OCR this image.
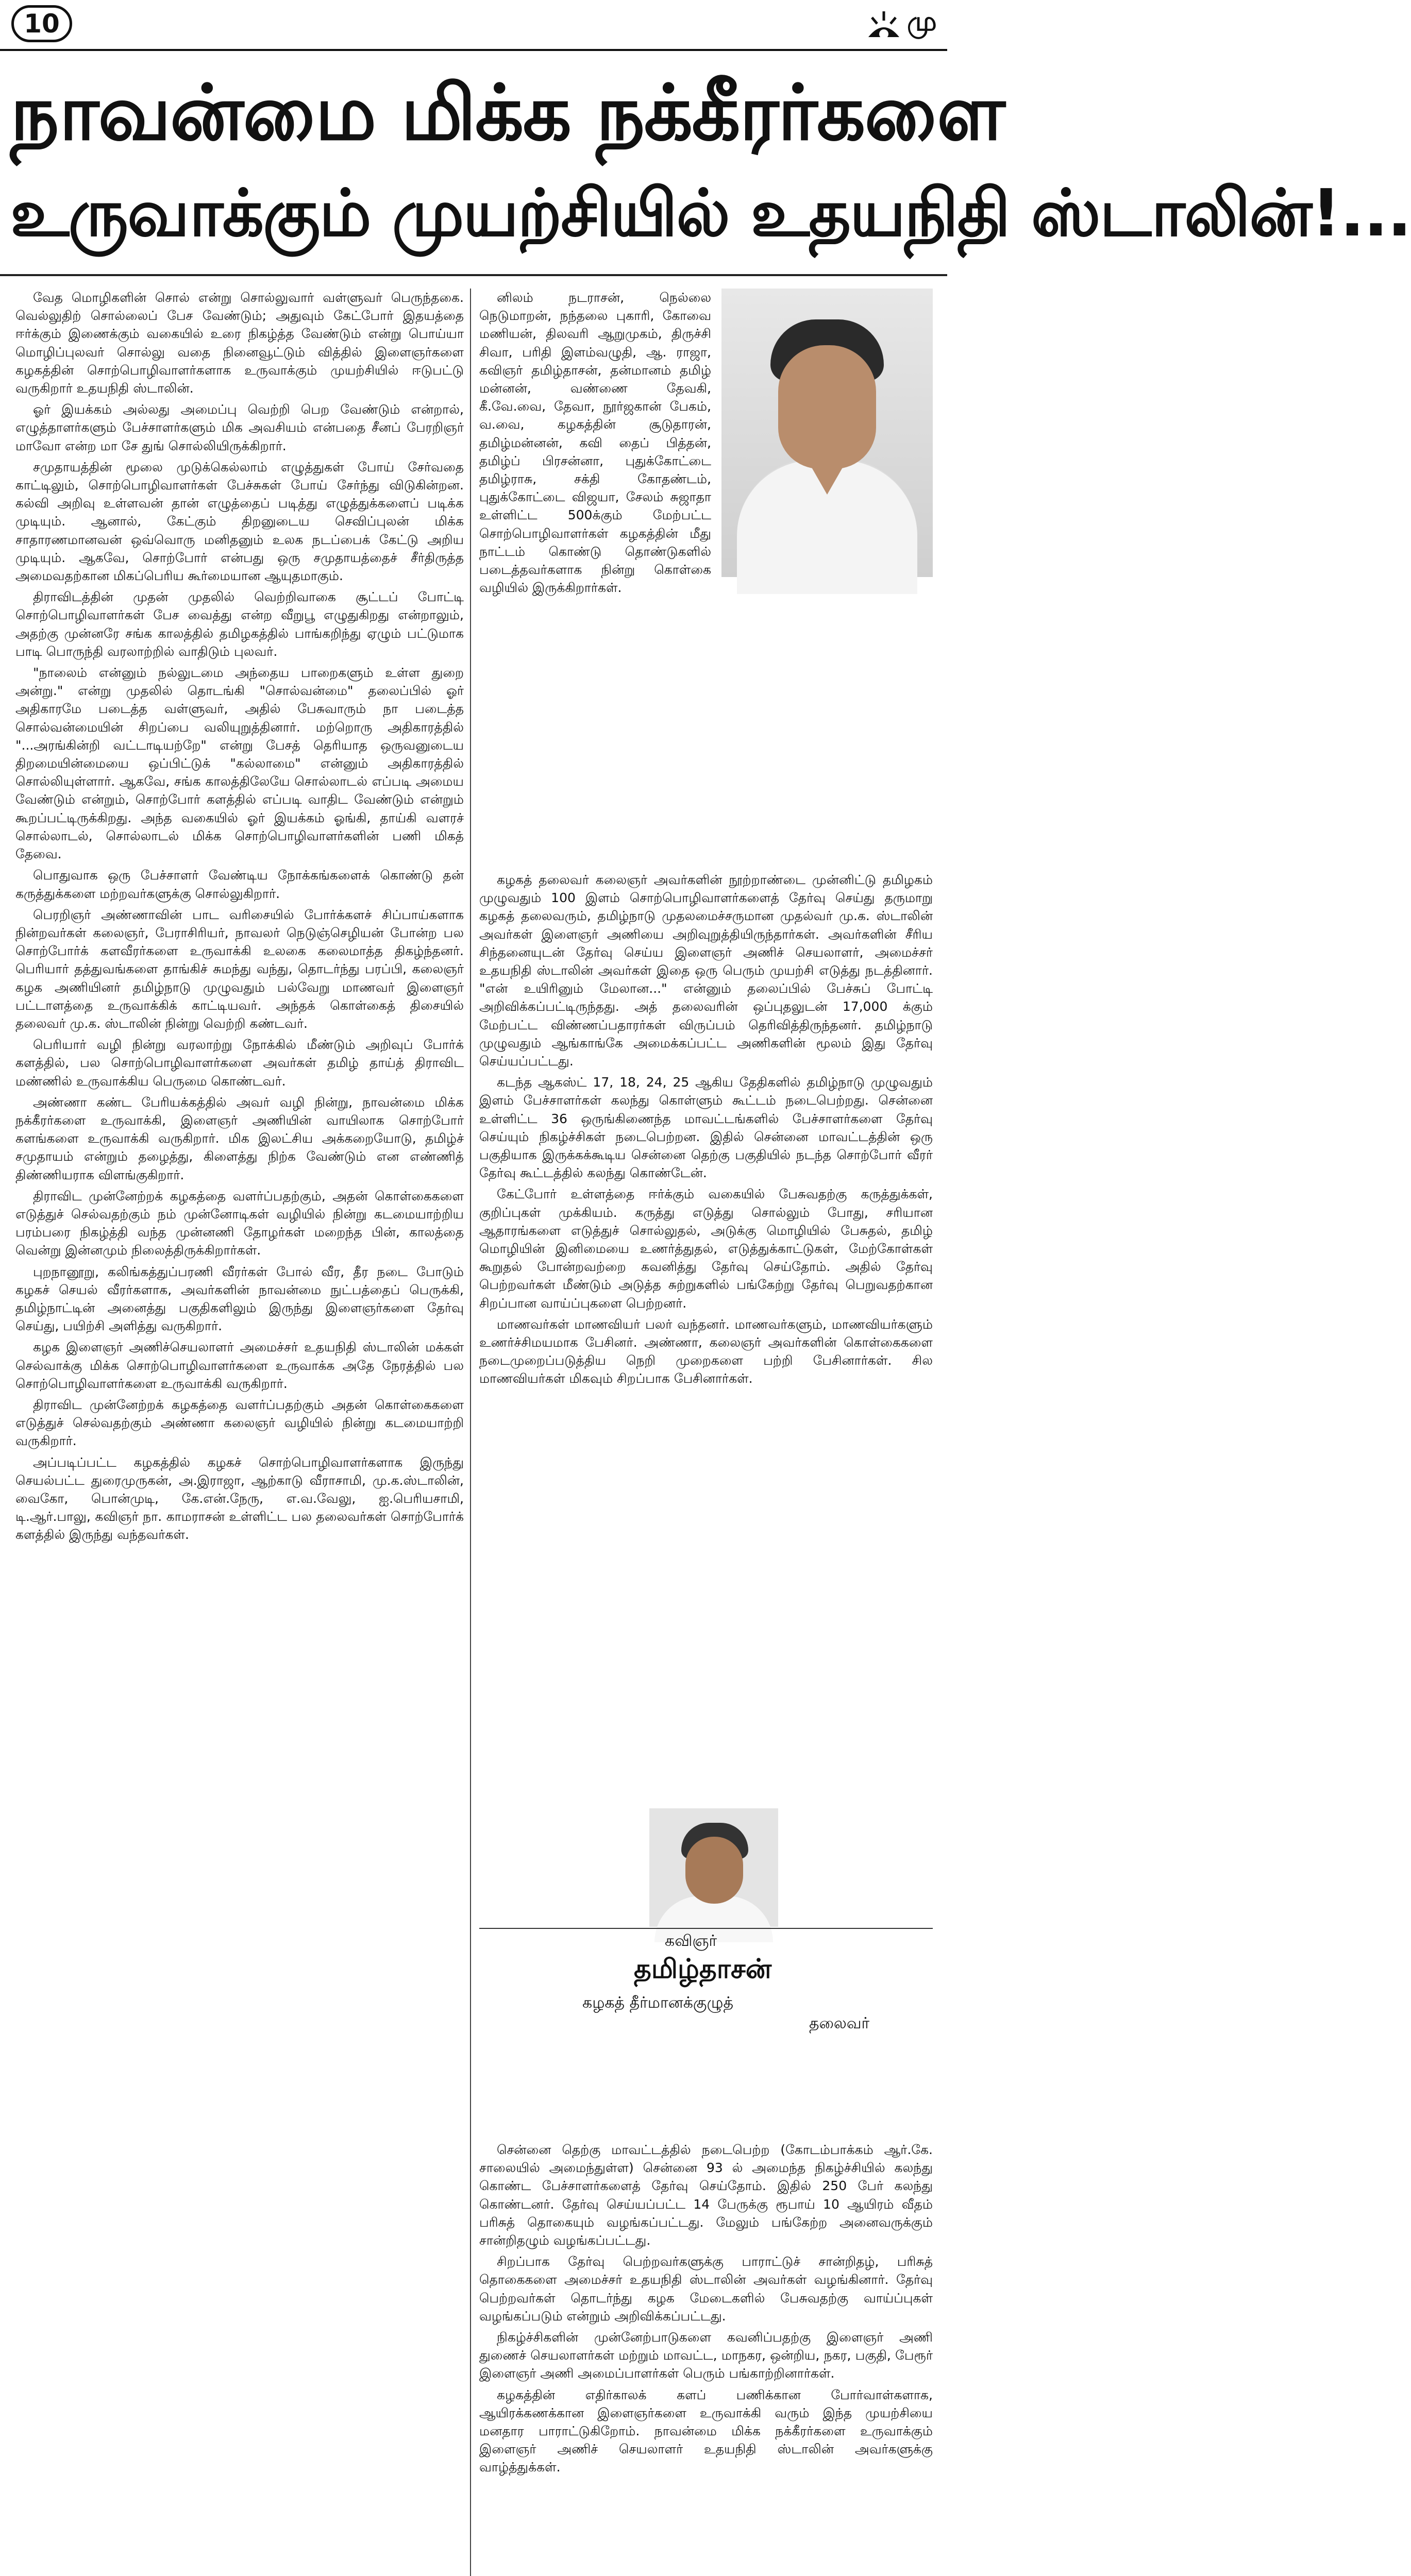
10	மு
நாவன்மை மிக்க நக்கீரர்களை
உருவாக்கும் முயற்சியில் உதயநிதி ஸ்டாலின்!...

வேத மொழிகளின் சொல் என்று சொல்லுவார் வள்ளுவர் பெருந்தகை. வெல்லுதிற் சொல்லைப் பேச வேண்டும்; அதுவும் கேட்போர் இதயத்தை ஈர்க்கும் இணைக்கும் வகையில் உரை நிகழ்த்த வேண்டும் என்று பொய்யா மொழிப்புலவர் சொல்லு வதை நினைவூட்டும் வித்தில் இளைஞர்களை கழகத்தின் சொற்பொழிவாளர்களாக உருவாக்கும் முயற்சியில் ஈடுபட்டு வருகிறார் உதயநிதி ஸ்டாலின்.

ஓர் இயக்கம் அல்லது அமைப்பு வெற்றி பெற வேண்டும் என்றால், எழுத்தாளர்களும் பேச்சாளர்களும் மிக அவசியம் என்பதை சீனப் பேரறிஞர் மாவோ என்ற மா சே துங் சொல்லியிருக்கிறார்.

சமுதாயத்தின் மூலை முடுக்கெல்லாம் எழுத்துகள் போய் சேர்வதை காட்டிலும், சொற்பொழிவாளர்கள் பேச்சுகள் போய் சேர்ந்து விடுகின்றன. கல்வி அறிவு உள்ளவன் தான் எழுத்தைப் படித்து எழுத்துக்களைப் படிக்க முடியும். ஆனால், கேட்கும் திறனுடைய செவிப்புலன் மிக்க சாதாரணமானவன் ஒவ்வொரு மனிதனும் உலக நடப்பைக் கேட்டு அறிய முடியும். ஆகவே, சொற்போர் என்பது ஒரு சமுதாயத்தைச் சீர்திருத்த அமைவதற்கான மிகப்பெரிய கூர்மையான ஆயுதமாகும்.

திராவிடத்தின் முதன் முதலில் வெற்றிவாகை சூட்டப் போட்டி சொற்பொழிவாளர்கள் பேச வைத்து என்ற வீறுபூ எழுதுகிறது என்றாலும், அதற்கு முன்னரே சங்க காலத்தில் தமிழகத்தில் பாங்கறிந்து ஏழும் பட்டுமாக பாடி பொருந்தி வரலாற்றில் வாதிடும் புலவர்.

"நாலைம் என்னும் நல்லுடமை அந்தைய பாறைகளும் உள்ள துறை அன்று." என்று முதலில் தொடங்கி "சொல்வன்மை" தலைப்பில் ஓர் அதிகாரமே படைத்த வள்ளுவர், அதில் பேசுவாரும் நா படைத்த சொல்வன்மையின் சிறப்பை வலியுறுத்தினார். மற்றொரு அதிகாரத்தில் "...அரங்கின்றி வட்டாடியற்றே" என்று பேசத் தெரியாத ஒருவனுடைய திறமையின்மையை ஒப்பிட்டுக் "கல்லாமை" என்னும் அதிகாரத்தில் சொல்லியுள்ளார். ஆகவே, சங்க காலத்திலேயே சொல்லாடல் எப்படி அமைய வேண்டும் என்றும், சொற்போர் களத்தில் எப்படி வாதிட வேண்டும் என்றும் கூறப்பட்டிருக்கிறது. அந்த வகையில் ஓர் இயக்கம் ஓங்கி, தாய்கி வளரச் சொல்லாடல், சொல்லாடல் மிக்க சொற்பொழிவாளர்களின் பணி மிகத் தேவை.

பொதுவாக ஒரு பேச்சாளர் வேண்டிய நோக்கங்களைக் கொண்டு தன் கருத்துக்களை மற்றவர்களுக்கு சொல்லுகிறார்.

பெரறிஞர் அண்ணாவின் பாட வரிசையில் போர்க்களச் சிப்பாய்களாக நின்றவர்கள் கலைஞர், பேராசிரியர், நாவலர் நெடுஞ்செழியன் போன்ற பல சொற்போர்க் களவீரர்களை உருவாக்கி உலகை கலைமாத்த திகழ்ந்தனர். பெரியார் தத்துவங்களை தாங்கிச் சுமந்து வந்து, தொடர்ந்து பரப்பி, கலைஞர் கழக அணியினர் தமிழ்நாடு முழுவதும் பல்வேறு மாணவர் இளைஞர் பட்டாளத்தை உருவாக்கிக் காட்டியவர். அந்தக் கொள்கைத் திசையில் தலைவர் மு.க. ஸ்டாலின் நின்று வெற்றி கண்டவர்.

பெரியார் வழி நின்று வரலாற்று நோக்கில் மீண்டும் அறிவுப் போர்க் களத்தில், பல சொற்பொழிவாளர்களை அவர்கள் தமிழ் தாய்த் திராவிட மண்ணில் உருவாக்கிய பெருமை கொண்டவர்.

அண்ணா கண்ட பேரியக்கத்தில் அவர் வழி நின்று, நாவன்மை மிக்க நக்கீரர்களை உருவாக்கி, இளைஞர் அணியின் வாயிலாக சொற்போர் களங்களை உருவாக்கி வருகிறார். மிக இலட்சிய அக்கறையோடு, தமிழ்ச் சமுதாயம் என்றும் தழைத்து, கிளைத்து நிற்க வேண்டும் என எண்ணித் திண்ணியராக விளங்குகிறார்.

திராவிட முன்னேற்றக் கழகத்தை வளர்ப்பதற்கும், அதன் கொள்கைகளை எடுத்துச் செல்வதற்கும் நம் முன்னோடிகள் வழியில் நின்று கடமையாற்றிய பரம்பரை நிகழ்த்தி வந்த முன்னணி தோழர்கள் மறைந்த பின், காலத்தை வென்று இன்னமும் நிலைத்திருக்கிறார்கள்.

புறநானூறு, கலிங்கத்துப்பரணி வீரர்கள் போல் வீர, தீர நடை போடும் கழகச் செயல் வீரர்களாக, அவர்களின் நாவன்மை நுட்பத்தைப் பெருக்கி, தமிழ்நாட்டின் அனைத்து பகுதிகளிலும் இருந்து இளைஞர்களை தேர்வு செய்து, பயிற்சி அளித்து வருகிறார்.

கழக இளைஞர் அணிச்செயலாளர் அமைச்சர் உதயநிதி ஸ்டாலின் மக்கள் செல்வாக்கு மிக்க சொற்பொழிவாளர்களை உருவாக்க அதே நேரத்தில் பல சொற்பொழிவாளர்களை உருவாக்கி வருகிறார்.

திராவிட முன்னேற்றக் கழகத்தை வளர்ப்பதற்கும் அதன் கொள்கைகளை எடுத்துச் செல்வதற்கும் அண்ணா கலைஞர் வழியில் நின்று கடமையாற்றி வருகிறார்.

அப்படிப்பட்ட கழகத்தில் கழகச் சொற்பொழிவாளர்களாக இருந்து செயல்பட்ட துரைமுருகன், அ.இராஜா, ஆற்காடு வீராசாமி, மு.க.ஸ்டாலின், வைகோ, பொன்முடி, கே.என்.நேரு, எ.வ.வேலு, ஐ.பெரியசாமி, டி.ஆர்.பாலு, கவிஞர் நா. காமராசன் உள்ளிட்ட பல தலைவர்கள் சொற்போர்க் களத்தில் இருந்து வந்தவர்கள்.

னிலம் நடராசன், நெல்லை நெடுமாறன், நந்தலை புகாரி, கோவை மணியன், திலவரி ஆறுமுகம், திருச்சி சிவா, பரிதி இளம்வழுதி, ஆ. ராஜா, கவிஞர் தமிழ்தாசன், தன்மானம் தமிழ் மன்னன், வண்ணை தேவகி, கீ.வே.வை, தேவா, நூர்ஜகான் பேகம், வ.வை, கழகத்தின் சூடுதாரன், தமிழ்மன்னன், கவி தைப் பித்தன், தமிழ்ப் பிரசன்னா, புதுக்கோட்டை தமிழ்ராசு, சக்தி கோதண்டம், புதுக்கோட்டை விஜயா, சேலம் சுஜாதா உள்ளிட்ட 500க்கும் மேற்பட்ட சொற்பொழிவாளர்கள் கழகத்தின் மீது நாட்டம் கொண்டு தொண்டுகளில் படைத்தவர்களாக நின்று கொள்கை வழியில் இருக்கிறார்கள்.

கழகத் தலைவர் கலைஞர் அவர்களின் நூற்றாண்டை முன்னிட்டு தமிழகம் முழுவதும் 100 இளம் சொற்பொழிவாளர்களைத் தேர்வு செய்து தருமாறு கழகத் தலைவரும், தமிழ்நாடு முதலமைச்சருமான முதல்வர் மு.க. ஸ்டாலின் அவர்கள் இளைஞர் அணியை அறிவுறுத்தியிருந்தார்கள். அவர்களின் சீரிய சிந்தனையுடன் தேர்வு செய்ய இளைஞர் அணிச் செயலாளர், அமைச்சர் உதயநிதி ஸ்டாலின் அவர்கள் இதை ஒரு பெரும் முயற்சி எடுத்து நடத்தினார். "என் உயிரினும் மேலான..." என்னும் தலைப்பில் பேச்சுப் போட்டி அறிவிக்கப்பட்டிருந்தது. அத் தலைவரின் ஒப்புதலுடன் 17,000 க்கும் மேற்பட்ட விண்ணப்பதாரர்கள் விருப்பம் தெரிவித்திருந்தனர். தமிழ்நாடு முழுவதும் ஆங்காங்கே அமைக்கப்பட்ட அணிகளின் மூலம் இது தேர்வு செய்யப்பட்டது.

கடந்த ஆகஸ்ட் 17, 18, 24, 25 ஆகிய தேதிகளில் தமிழ்நாடு முழுவதும் இளம் பேச்சாளர்கள் கலந்து கொள்ளும் கூட்டம் நடைபெற்றது. சென்னை உள்ளிட்ட 36 ஒருங்கிணைந்த மாவட்டங்களில் பேச்சாளர்களை தேர்வு செய்யும் நிகழ்ச்சிகள் நடைபெற்றன. இதில் சென்னை மாவட்டத்தின் ஒரு பகுதியாக இருக்கக்கூடிய சென்னை தெற்கு பகுதியில் நடந்த சொற்போர் வீரர் தேர்வு கூட்டத்தில் கலந்து கொண்டேன்.

கேட்போர் உள்ளத்தை ஈர்க்கும் வகையில் பேசுவதற்கு கருத்துக்கள், குறிப்புகள் முக்கியம். கருத்து எடுத்து சொல்லும் போது, சரியான ஆதாரங்களை எடுத்துச் சொல்லுதல், அடுக்கு மொழியில் பேசுதல், தமிழ் மொழியின் இனிமையை உணர்த்துதல், எடுத்துக்காட்டுகள், மேற்கோள்கள் கூறுதல் போன்றவற்றை கவனித்து தேர்வு செய்தோம். அதில் தேர்வு பெற்றவர்கள் மீண்டும் அடுத்த சுற்றுகளில் பங்கேற்று தேர்வு பெறுவதற்கான சிறப்பான வாய்ப்புகளை பெற்றனர்.

மாணவர்கள் மாணவியர் பலர் வந்தனர். மாணவர்களும், மாணவியர்களும் உணர்ச்சிமயமாக பேசினர். அண்ணா, கலைஞர் அவர்களின் கொள்கைகளை நடைமுறைப்படுத்திய நெறி முறைகளை பற்றி பேசினார்கள். சில மாணவியர்கள் மிகவும் சிறப்பாக பேசினார்கள்.

கவிஞர்
தமிழ்தாசன்
கழகத் தீர்மானக்குழுத்
தலைவர்

சென்னை தெற்கு மாவட்டத்தில் நடைபெற்ற (கோடம்பாக்கம் ஆர்.கே. சாலையில் அமைந்துள்ள) சென்னை 93 ல் அமைந்த நிகழ்ச்சியில் கலந்து கொண்ட பேச்சாளர்களைத் தேர்வு செய்தோம். இதில் 250 பேர் கலந்து கொண்டனர். தேர்வு செய்யப்பட்ட 14 பேருக்கு ரூபாய் 10 ஆயிரம் வீதம் பரிசுத் தொகையும் வழங்கப்பட்டது. மேலும் பங்கேற்ற அனைவருக்கும் சான்றிதழும் வழங்கப்பட்டது.

சிறப்பாக தேர்வு பெற்றவர்களுக்கு பாராட்டுச் சான்றிதழ், பரிசுத் தொகைகளை அமைச்சர் உதயநிதி ஸ்டாலின் அவர்கள் வழங்கினார். தேர்வு பெற்றவர்கள் தொடர்ந்து கழக மேடைகளில் பேசுவதற்கு வாய்ப்புகள் வழங்கப்படும் என்றும் அறிவிக்கப்பட்டது.

நிகழ்ச்சிகளின் முன்னேற்பாடுகளை கவனிப்பதற்கு இளைஞர் அணி துணைச் செயலாளர்கள் மற்றும் மாவட்ட, மாநகர, ஒன்றிய, நகர, பகுதி, பேரூர் இளைஞர் அணி அமைப்பாளர்கள் பெரும் பங்காற்றினார்கள்.

கழகத்தின் எதிர்காலக் களப் பணிக்கான போர்வாள்களாக, ஆயிரக்கணக்கான இளைஞர்களை உருவாக்கி வரும் இந்த முயற்சியை மனதார பாராட்டுகிறோம். நாவன்மை மிக்க நக்கீரர்களை உருவாக்கும் இளைஞர் அணிச் செயலாளர் உதயநிதி ஸ்டாலின் அவர்களுக்கு வாழ்த்துக்கள்.
